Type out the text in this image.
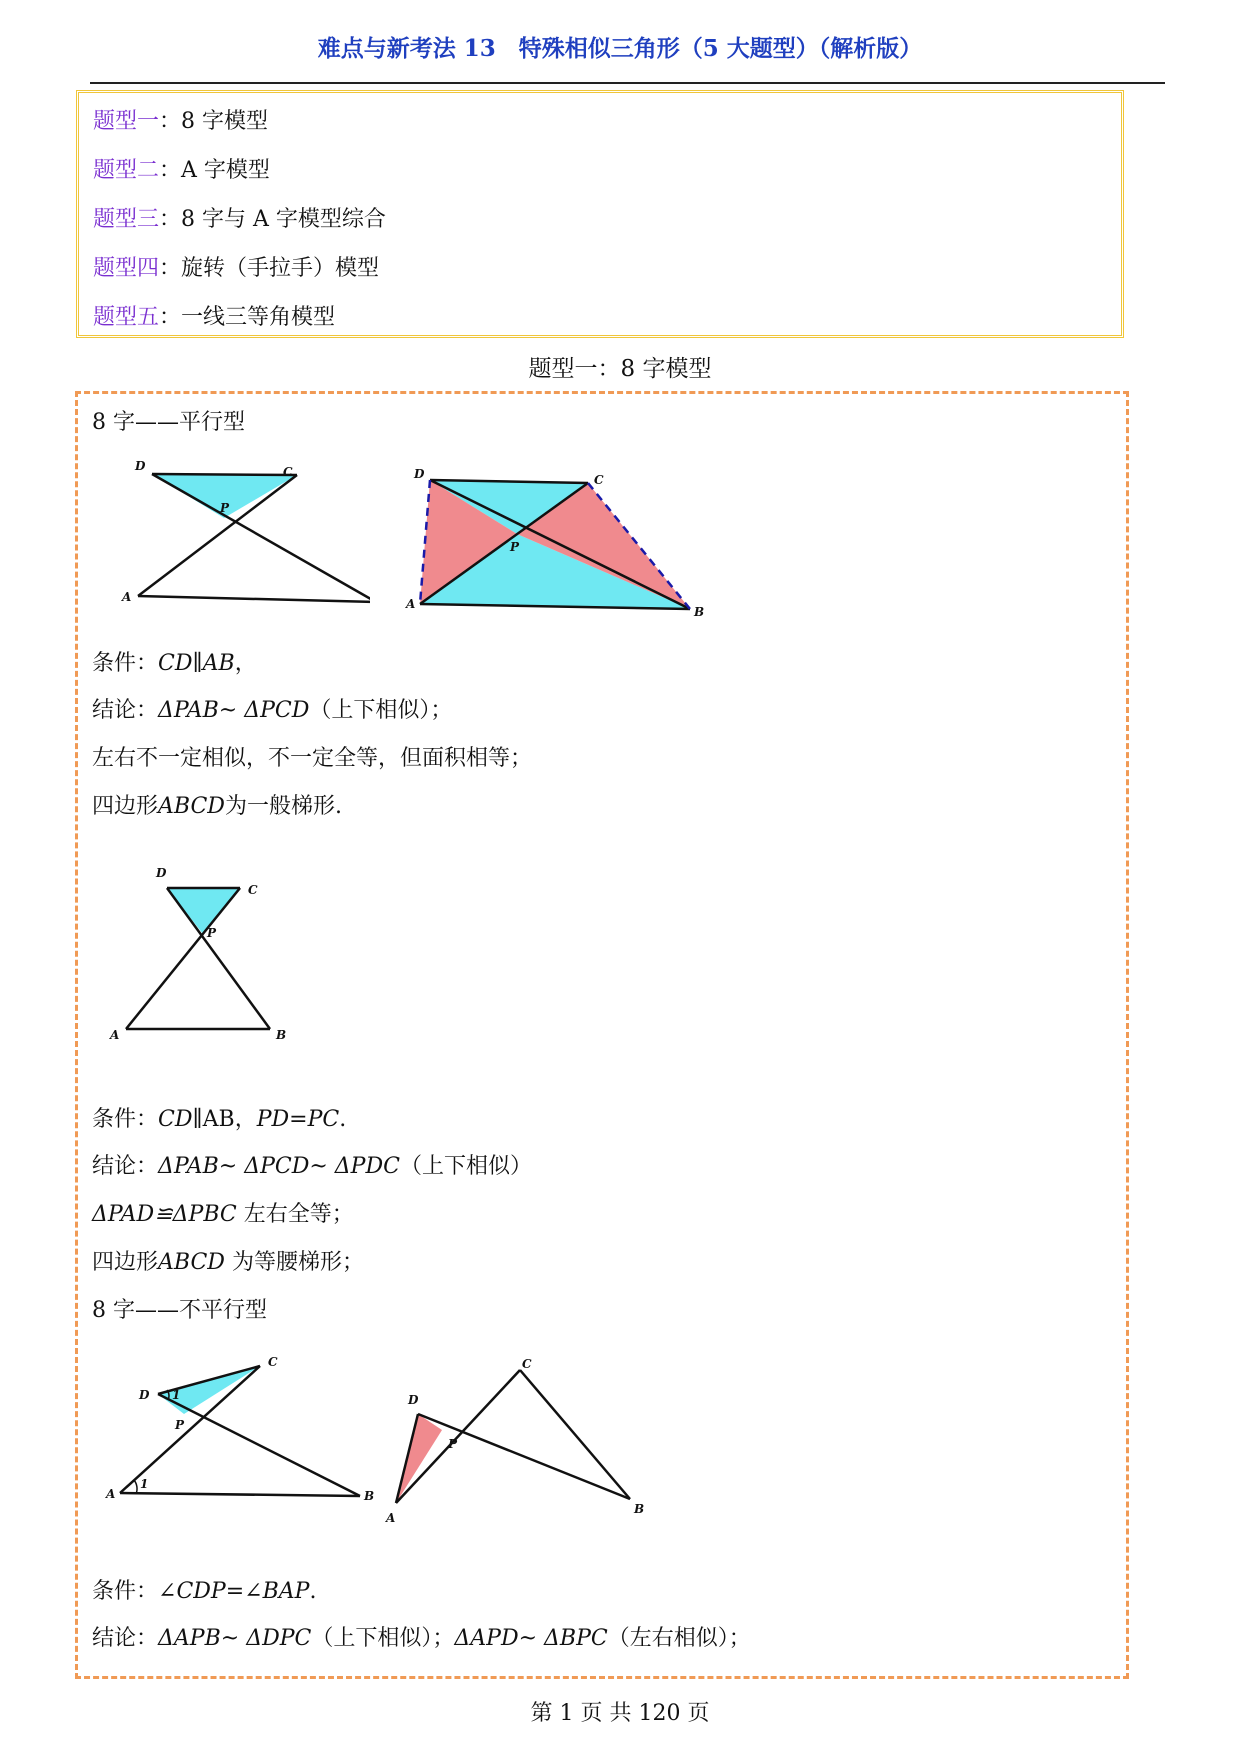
难点与新考法 13　特殊相似三角形（5 大题型）（解析版）
题型一：8 字模型
题型二：A 字模型
题型三：8 字与 A 字模型综合
题型四：旋转（手拉手）模型
题型五：一线三等角模型
题型一：8 字模型
8 字——平行型
D	C
P
A
D	C
P
A
B
条件：CD∥AB，
结论：ΔPAB~ ΔPCD（上下相似）；
左右不一定相似，不一定全等，但面积相等；
四边形ABCD为一般梯形.
D
C
P
A	B
条件：CD∥AB，PD=PC.
结论：ΔPAB~ ΔPCD~ ΔPDC（上下相似）
ΔPAD≌ΔPBC 左右全等；
四边形ABCD 为等腰梯形；
8 字——不平行型
D 1
C
P
1
A	B
D
C
P
A
B
条件：∠CDP=∠BAP.
结论：ΔAPB~ ΔDPC（上下相似）；ΔAPD~ ΔBPC（左右相似）；
第 1 页 共 120 页
